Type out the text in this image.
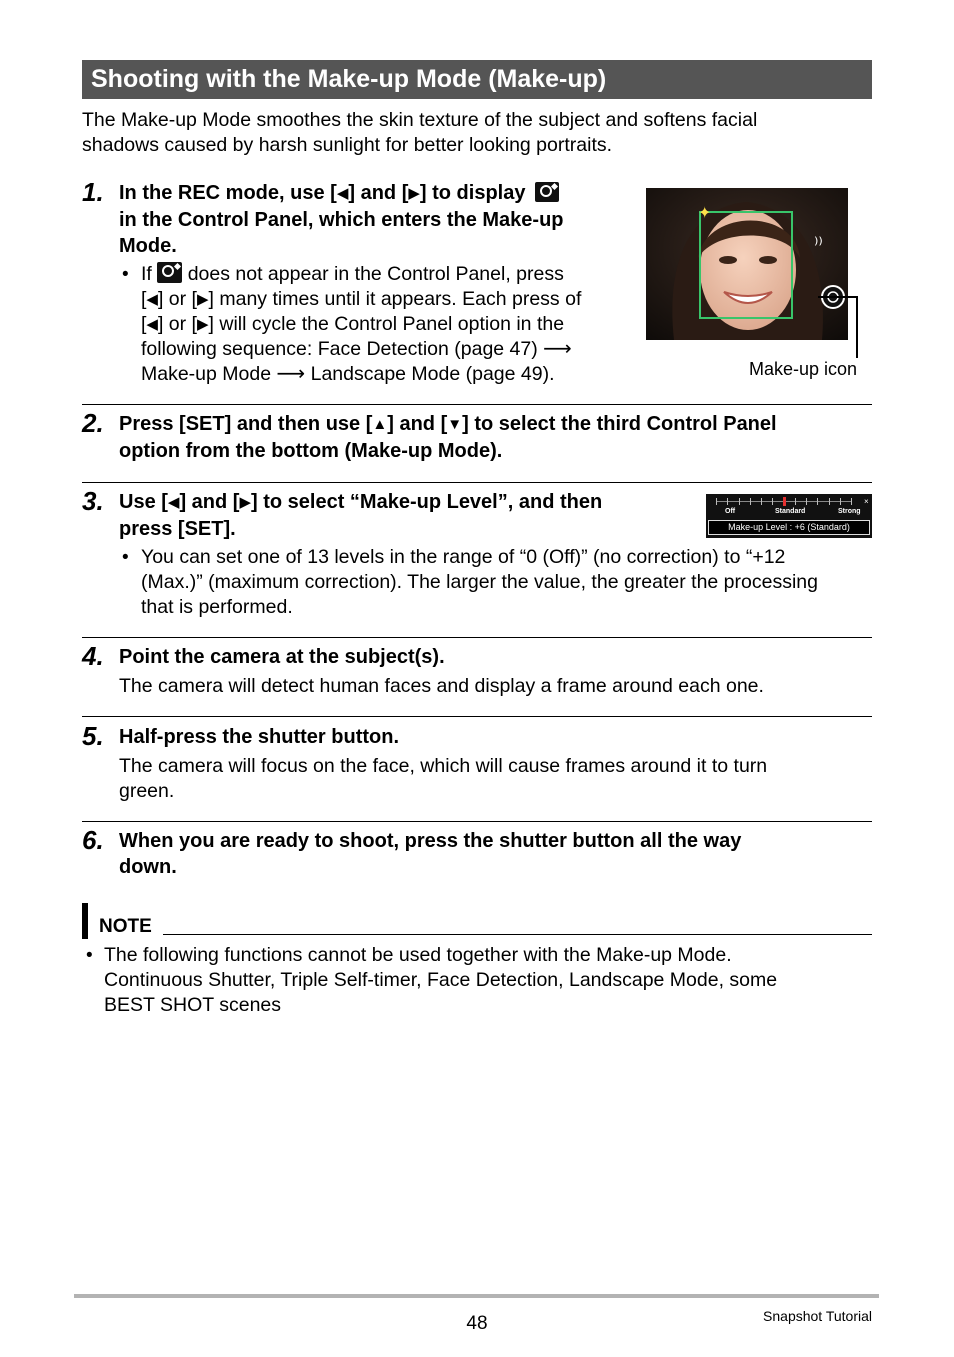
Shooting with the Make-up Mode (Make-up)
The Make-up Mode smoothes the skin texture of the subject and softens facial
shadows caused by harsh sunlight for better looking portraits.
1. In the REC mode, use [◀] and [▶] to display
in the Control Panel, which enters the Make-up
Mode.
• If does not appear in the Control Panel, press
[◀] or [▶] many times until it appears. Each press of
[◀] or [▶] will cycle the Control Panel option in the
following sequence: Face Detection (page 47) ⟶
Make-up Mode ⟶ Landscape Mode (page 49).
✦
⁾⁾
Make-up icon
2. Press [SET] and then use [▲] and [▼] to select the third Control Panel
option from the bottom (Make-up Mode).
3. Use [◀] and [▶] to select “Make-up Level”, and then
press [SET].
Off	Standard	Strong
×
Make-up Level : +6 (Standard)
• You can set one of 13 levels in the range of “0 (Off)” (no correction) to “+12
(Max.)” (maximum correction). The larger the value, the greater the processing
that is performed.
4. Point the camera at the subject(s).
The camera will detect human faces and display a frame around each one.
5. Half-press the shutter button.
The camera will focus on the face, which will cause frames around it to turn
green.
6. When you are ready to shoot, press the shutter button all the way
down.
NOTE
• The following functions cannot be used together with the Make-up Mode.
Continuous Shutter, Triple Self-timer, Face Detection, Landscape Mode, some
BEST SHOT scenes
48	Snapshot Tutorial
